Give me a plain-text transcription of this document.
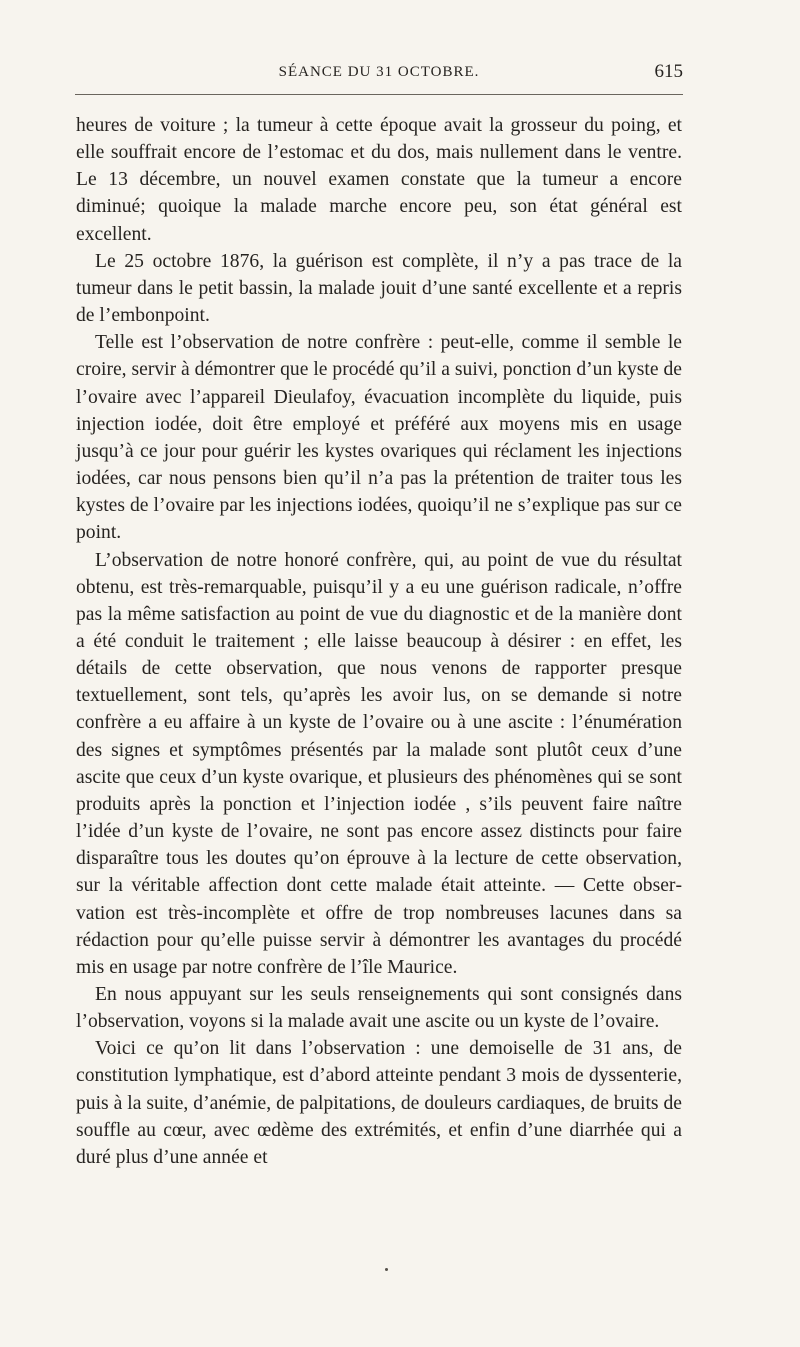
SÉANCE DU 31 OCTOBRE.	615

heures de voiture ; la tumeur à cette époque avait la grosseur du poing, et elle souffrait encore de l’estomac et du dos, mais nullement dans le ventre. Le 13 décembre, un nouvel examen constate que la tumeur a encore diminué; quoique la malade marche encore peu, son état général est excellent.

Le 25 octobre 1876, la guérison est complète, il n’y a pas trace de la tumeur dans le petit bassin, la malade jouit d’une santé excellente et a repris de l’embonpoint.

Telle est l’observation de notre confrère : peut-elle, comme il semble le croire, servir à démontrer que le procédé qu’il a suivi, ponction d’un kyste de l’ovaire avec l’appareil Dieulafoy, évacuation incomplète du liquide, puis injection iodée, doit être employé et préféré aux moyens mis en usage jusqu’à ce jour pour guérir les kystes ovariques qui réclament les injections iodées, car nous pensons bien qu’il n’a pas la prétention de traiter tous les kystes de l’ovaire par les injections iodées, quoiqu’il ne s’explique pas sur ce point.

L’observation de notre honoré confrère, qui, au point de vue du résultat obtenu, est très-remarquable, puisqu’il y a eu une guérison radicale, n’offre pas la même satisfaction au point de vue du diagnostic et de la manière dont a été conduit le traitement ; elle laisse beaucoup à désirer : en effet, les détails de cette observation, que nous venons de rapporter presque textuellement, sont tels, qu’après les avoir lus, on se demande si notre confrère a eu affaire à un kyste de l’ovaire ou à une ascite : l’énumération des signes et symptômes présentés par la malade sont plutôt ceux d’une ascite que ceux d’un kyste ovarique, et plusieurs des phénomènes qui se sont produits après la ponction et l’injection iodée , s’ils peuvent faire naître l’idée d’un kyste de l’ovaire, ne sont pas encore assez distincts pour faire disparaître tous les doutes qu’on éprouve à la lecture de cette observation, sur la véritable affection dont cette malade était atteinte. — Cette observation est très-incomplète et offre de trop nombreuses lacunes dans sa rédaction pour qu’elle puisse servir à démontrer les avantages du procédé mis en usage par notre confrère de l’île Maurice.

En nous appuyant sur les seuls renseignements qui sont consignés dans l’observation, voyons si la malade avait une ascite ou un kyste de l’ovaire.

Voici ce qu’on lit dans l’observation : une demoiselle de 31 ans, de constitution lymphatique, est d’abord atteinte pendant 3 mois de dyssenterie, puis à la suite, d’anémie, de palpitations, de douleurs cardiaques, de bruits de souffle au cœur, avec œdème des extrémités, et enfin d’une diarrhée qui a duré plus d’une année et
